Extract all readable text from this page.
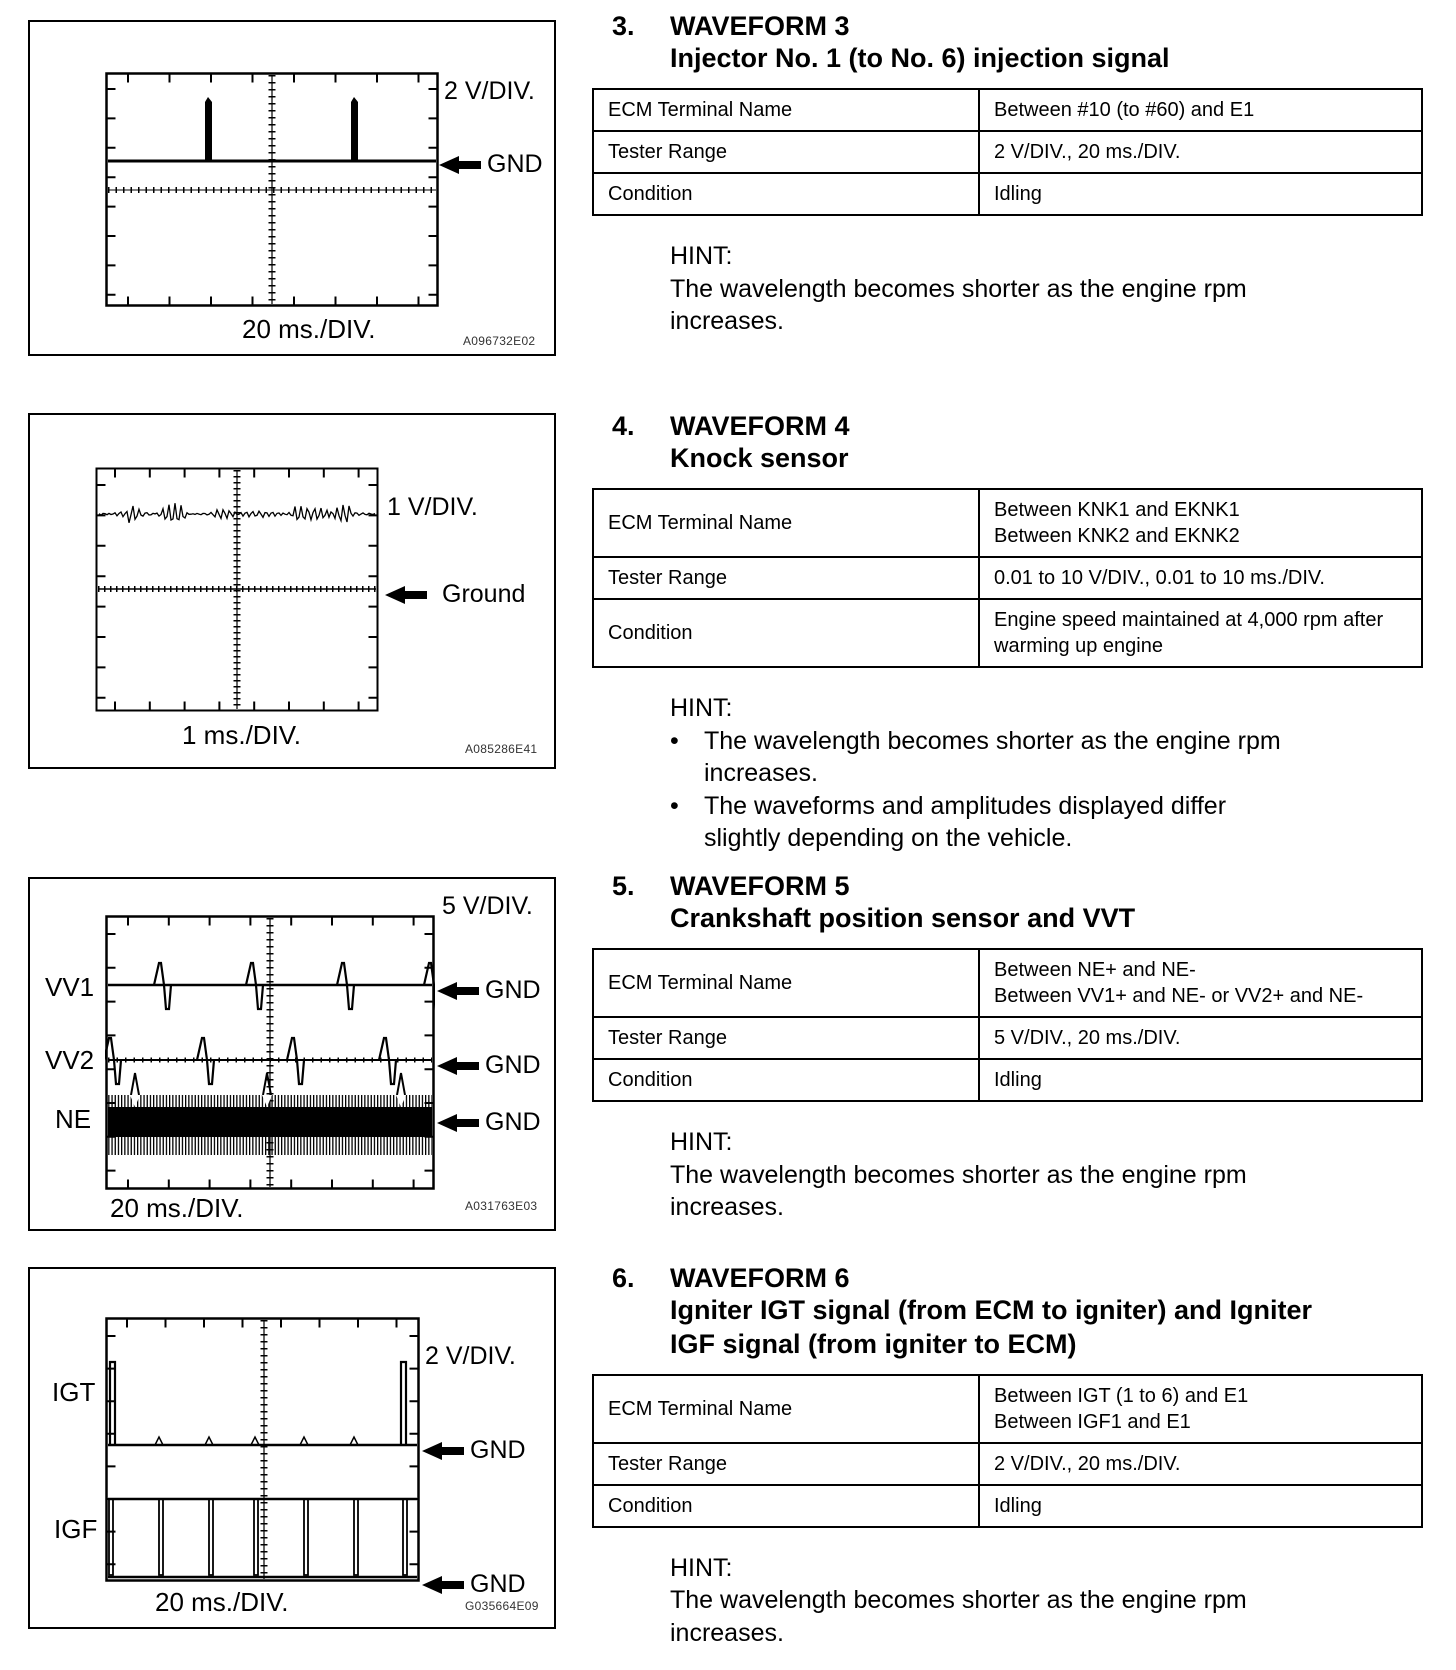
2 V/DIV.
GND
20 ms./DIV.	A096732E02
1 V/DIV.
Ground
1 ms./DIV.	A085286E41
5 V/DIV.
VV1
VV2
NE
GND
GND
GND
20 ms./DIV.	A031763E03
2 V/DIV.
IGT
IGF
GND
GND
20 ms./DIV.	G035664E09
3.	WAVEFORM 3
Injector No. 1 (to No. 6) injection signal
ECM Terminal Name	Between #10 (to #60) and E1
Tester Range	2 V/DIV., 20 ms./DIV.
Condition	Idling
HINT:
The wavelength becomes shorter as the engine rpm increases.
4.	WAVEFORM 4
Knock sensor
ECM Terminal Name	Between KNK1 and EKNK1
Between KNK2 and EKNK2

Tester Range	0.01 to 10 V/DIV., 0.01 to 10 ms./DIV.
Condition	Engine speed maintained at 4,000 rpm after warming up engine
HINT:
•	The wavelength becomes shorter as the engine rpm increases.
•	The waveforms and amplitudes displayed differ slightly depending on the vehicle.
5.	WAVEFORM 5
Crankshaft position sensor and VVT
ECM Terminal Name	Between NE+ and NE-
Between VV1+ and NE- or VV2+ and NE-

Tester Range	5 V/DIV., 20 ms./DIV.
Condition	Idling
HINT:
The wavelength becomes shorter as the engine rpm increases.
6.	WAVEFORM 6
Igniter IGT signal (from ECM to igniter) and Igniter
IGF signal (from igniter to ECM)
ECM Terminal Name	Between IGT (1 to 6) and E1
Between IGF1 and E1

Tester Range	2 V/DIV., 20 ms./DIV.
Condition	Idling
HINT:
The wavelength becomes shorter as the engine rpm increases.
